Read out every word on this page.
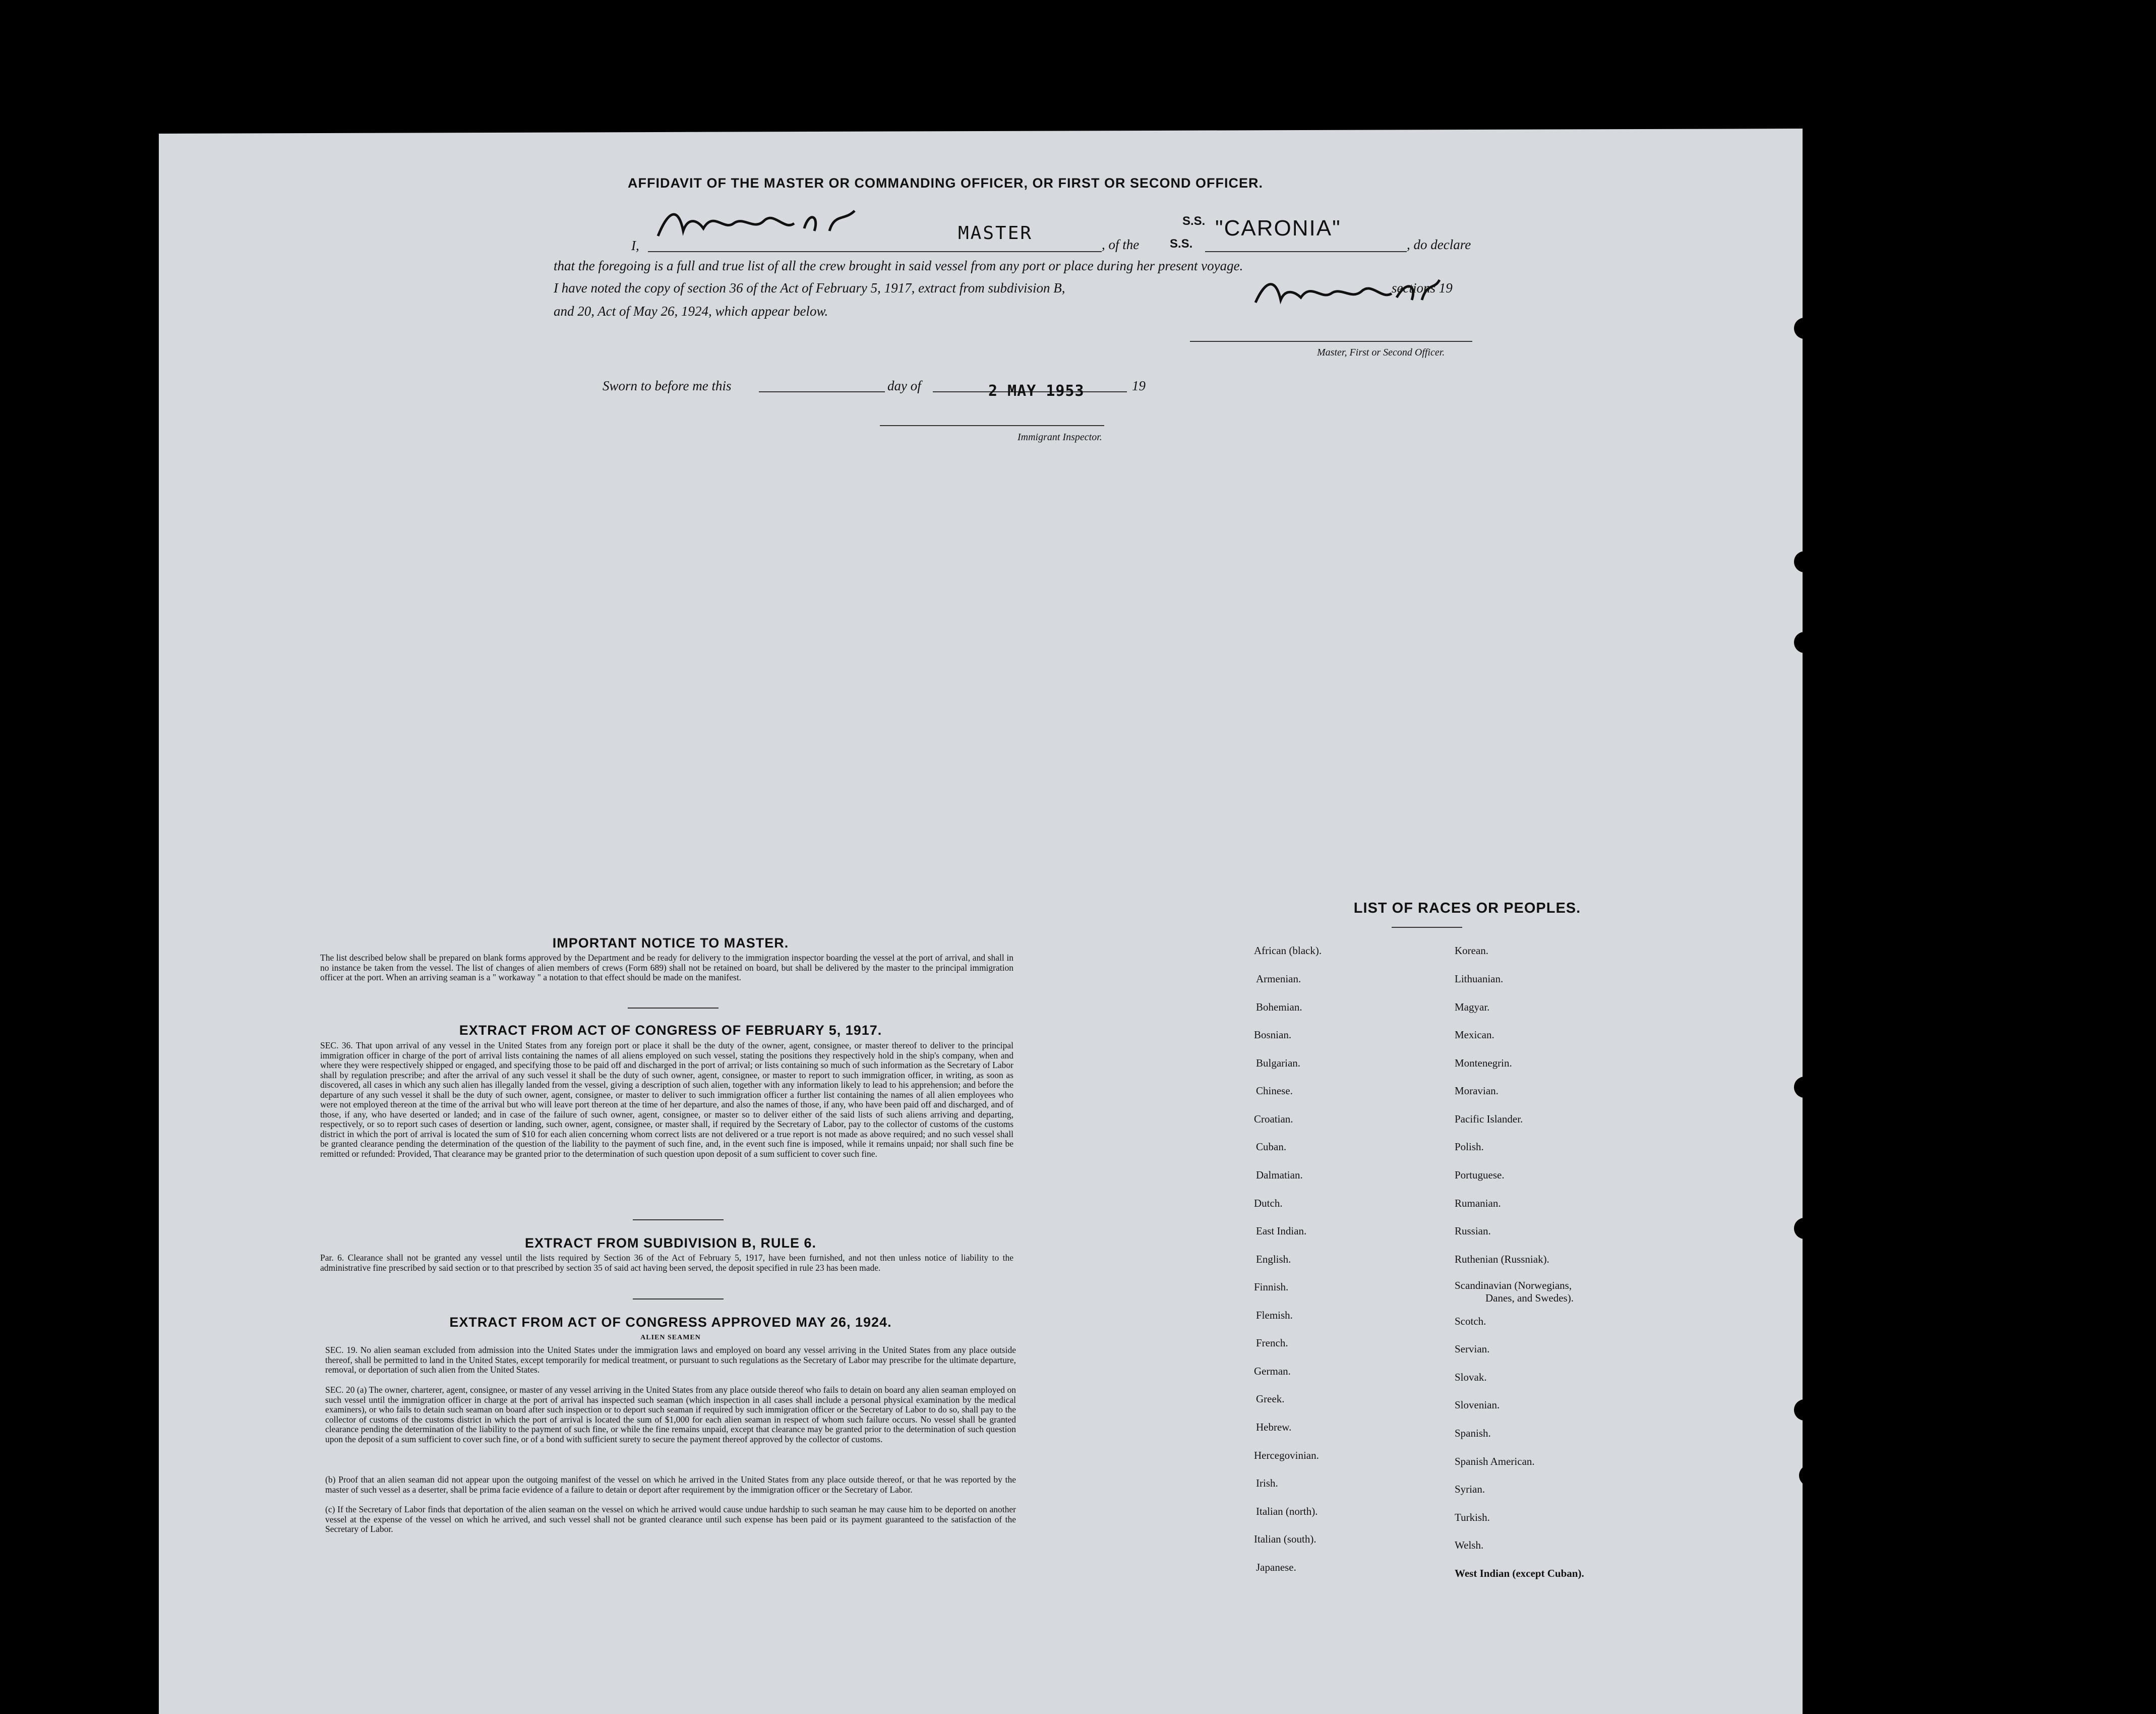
AFFIDAVIT OF THE MASTER OR COMMANDING OFFICER, OR FIRST OR SECOND OFFICER.
I,
MASTER
, of the	S.S.
S.S. "CARONIA"
, do declare
that the foregoing is a full and true list of all the crew brought in said vessel from any port or place during her present voyage.
I have noted the copy of section 36 of the Act of February 5, 1917, extract from subdivision B,	sections 19
and 20, Act of May 26, 1924, which appear below.
Master, First or Second Officer.
Sworn to before me this	day of	2 MAY 1953	19
Immigrant Inspector.
IMPORTANT NOTICE TO MASTER.
The list described below shall be prepared on blank forms approved by the Department and be ready for delivery to the immigration inspector boarding the vessel at the port of arrival, and shall in no instance be taken from the vessel. The list of changes of alien members of crews (Form 689) shall not be retained on board, but shall be delivered by the master to the principal immigration officer at the port. When an arriving seaman is a " workaway " a notation to that effect should be made on the manifest.
EXTRACT FROM ACT OF CONGRESS OF FEBRUARY 5, 1917.
SEC. 36. That upon arrival of any vessel in the United States from any foreign port or place it shall be the duty of the owner, agent, consignee, or master thereof to deliver to the principal immigration officer in charge of the port of arrival lists containing the names of all aliens employed on such vessel, stating the positions they respectively hold in the ship's company, when and where they were respectively shipped or engaged, and specifying those to be paid off and discharged in the port of arrival; or lists containing so much of such information as the Secretary of Labor shall by regulation prescribe; and after the arrival of any such vessel it shall be the duty of such owner, agent, consignee, or master to report to such immigration officer, in writing, as soon as discovered, all cases in which any such alien has illegally landed from the vessel, giving a description of such alien, together with any information likely to lead to his apprehension; and before the departure of any such vessel it shall be the duty of such owner, agent, consignee, or master to deliver to such immigration officer a further list containing the names of all alien employees who were not employed thereon at the time of the arrival but who will leave port thereon at the time of her departure, and also the names of those, if any, who have been paid off and discharged, and of those, if any, who have deserted or landed; and in case of the failure of such owner, agent, consignee, or master so to deliver either of the said lists of such aliens arriving and departing, respectively, or so to report such cases of desertion or landing, such owner, agent, consignee, or master shall, if required by the Secretary of Labor, pay to the collector of customs of the customs district in which the port of arrival is located the sum of $10 for each alien concerning whom correct lists are not delivered or a true report is not made as above required; and no such vessel shall be granted clearance pending the determination of the question of the liability to the payment of such fine, and, in the event such fine is imposed, while it remains unpaid; nor shall such fine be remitted or refunded: Provided, That clearance may be granted prior to the determination of such question upon deposit of a sum sufficient to cover such fine.
EXTRACT FROM SUBDIVISION B, RULE 6.
Par. 6. Clearance shall not be granted any vessel until the lists required by Section 36 of the Act of February 5, 1917, have been furnished, and not then unless notice of liability to the administrative fine prescribed by said section or to that prescribed by section 35 of said act having been served, the deposit specified in rule 23 has been made.
EXTRACT FROM ACT OF CONGRESS APPROVED MAY 26, 1924.
ALIEN SEAMEN
SEC. 19. No alien seaman excluded from admission into the United States under the immigration laws and employed on board any vessel arriving in the United States from any place outside thereof, shall be permitted to land in the United States, except temporarily for medical treatment, or pursuant to such regulations as the Secretary of Labor may prescribe for the ultimate departure, removal, or deportation of such alien from the United States.
SEC. 20 (a) The owner, charterer, agent, consignee, or master of any vessel arriving in the United States from any place outside thereof who fails to detain on board any alien seaman employed on such vessel until the immigration officer in charge at the port of arrival has inspected such seaman (which inspection in all cases shall include a personal physical examination by the medical examiners), or who fails to detain such seaman on board after such inspection or to deport such seaman if required by such immigration officer or the Secretary of Labor to do so, shall pay to the collector of customs of the customs district in which the port of arrival is located the sum of $1,000 for each alien seaman in respect of whom such failure occurs. No vessel shall be granted clearance pending the determination of the liability to the payment of such fine, or while the fine remains unpaid, except that clearance may be granted prior to the determination of such question upon the deposit of a sum sufficient to cover such fine, or of a bond with sufficient surety to secure the payment thereof approved by the collector of customs.
(b) Proof that an alien seaman did not appear upon the outgoing manifest of the vessel on which he arrived in the United States from any place outside thereof, or that he was reported by the master of such vessel as a deserter, shall be prima facie evidence of a failure to detain or deport after requirement by the immigration officer or the Secretary of Labor.
(c) If the Secretary of Labor finds that deportation of the alien seaman on the vessel on which he arrived would cause undue hardship to such seaman he may cause him to be deported on another vessel at the expense of the vessel on which he arrived, and such vessel shall not be granted clearance until such expense has been paid or its payment guaranteed to the satisfaction of the Secretary of Labor.
LIST OF RACES OR PEOPLES.
African (black).
Armenian.
Bohemian.
Bosnian.
Bulgarian.
Chinese.
Croatian.
Cuban.
Dalmatian.
Dutch.
East Indian.
English.
Finnish.
Flemish.
French.
German.
Greek.
Hebrew.
Hercegovinian.
Irish.
Italian (north).
Italian (south).
Japanese.
Korean.
Lithuanian.
Magyar.
Mexican.
Montenegrin.
Moravian.
Pacific Islander.
Polish.
Portuguese.
Rumanian.
Russian.
Ruthenian (Russniak).
Scandinavian (Norwegians,
Scotch.
Servian.
Slovak.
Slovenian.
Spanish.
Spanish American.
Syrian.
Turkish.
Welsh.
West Indian (except Cuban).
Danes, and Swedes).
